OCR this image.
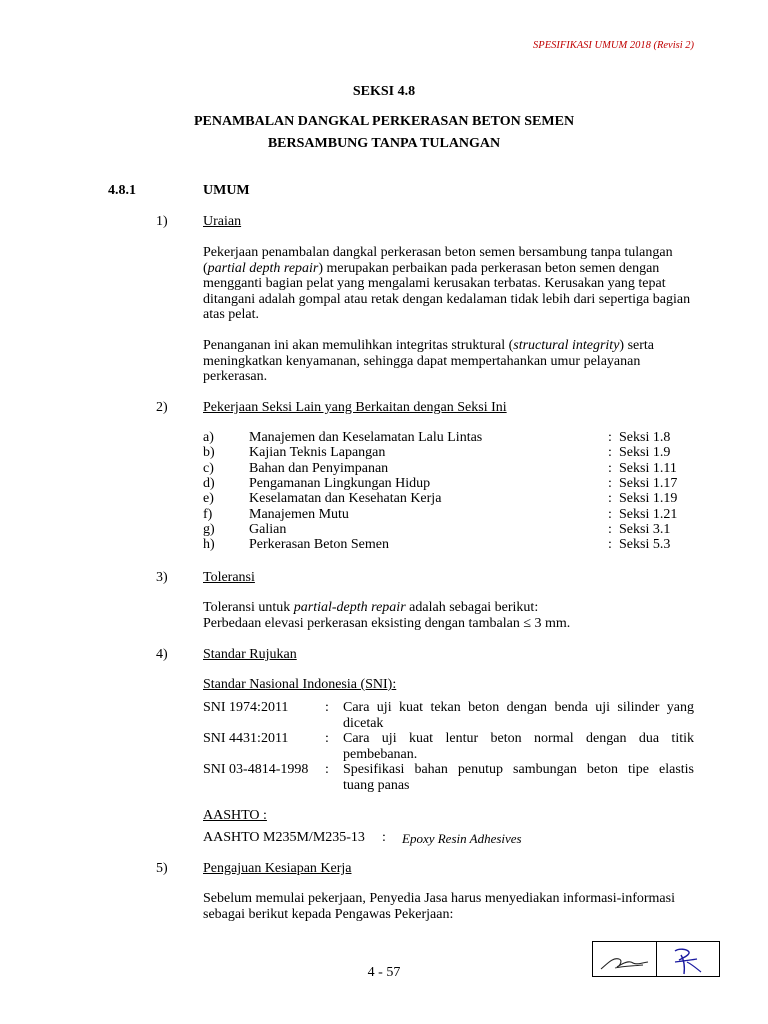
SPESIFIKASI UMUM 2018 (Revisi 2)
SEKSI 4.8
PENAMBALAN DANGKAL PERKERASAN BETON SEMEN
BERSAMBUNG TANPA TULANGAN
4.8.1	UMUM
1)	Uraian
Pekerjaan penambalan dangkal perkerasan beton semen bersambung tanpa tulangan
(partial depth repair) merupakan perbaikan pada perkerasan beton semen dengan
mengganti bagian pelat yang mengalami kerusakan terbatas. Kerusakan yang tepat
ditangani adalah gompal atau retak dengan kedalaman tidak lebih dari sepertiga bagian
atas pelat.
Penanganan ini akan memulihkan integritas struktural (structural integrity) serta
meningkatkan kenyamanan, sehingga dapat mempertahankan umur pelayanan
perkerasan.
2)	Pekerjaan Seksi Lain yang Berkaitan dengan Seksi Ini
a)	Manajemen dan Keselamatan Lalu Lintas	: Seksi 1.8
b) Kajian Teknis Lapangan	: Seksi 1.9
c)	Bahan dan Penyimpanan	: Seksi 1.11
d) Pengamanan Lingkungan Hidup	: Seksi 1.17
e)	Keselamatan dan Kesehatan Kerja	: Seksi 1.19
f)	Manajemen Mutu	: Seksi 1.21
g) Galian	: Seksi 3.1
h) Perkerasan Beton Semen	: Seksi 5.3
3)	Toleransi
Toleransi untuk partial-depth repair adalah sebagai berikut:
Perbedaan elevasi perkerasan eksisting dengan tambalan ≤ 3 mm.
4)	Standar Rujukan
Standar Nasional Indonesia (SNI):
SNI 1974:2011	: Cara uji kuat tekan beton dengan benda uji silinder yang
dicetak
SNI 4431:2011	: Cara uji kuat lentur beton normal dengan dua titik
pembebanan.
SNI 03-4814-1998 : Spesifikasi bahan penutup sambungan beton tipe elastis
tuang panas
AASHTO :
AASHTO M235M/M235-13 : Epoxy Resin Adhesives
5)	Pengajuan Kesiapan Kerja
Sebelum memulai pekerjaan, Penyedia Jasa harus menyediakan informasi-informasi
sebagai berikut kepada Pengawas Pekerjaan:
4 - 57
